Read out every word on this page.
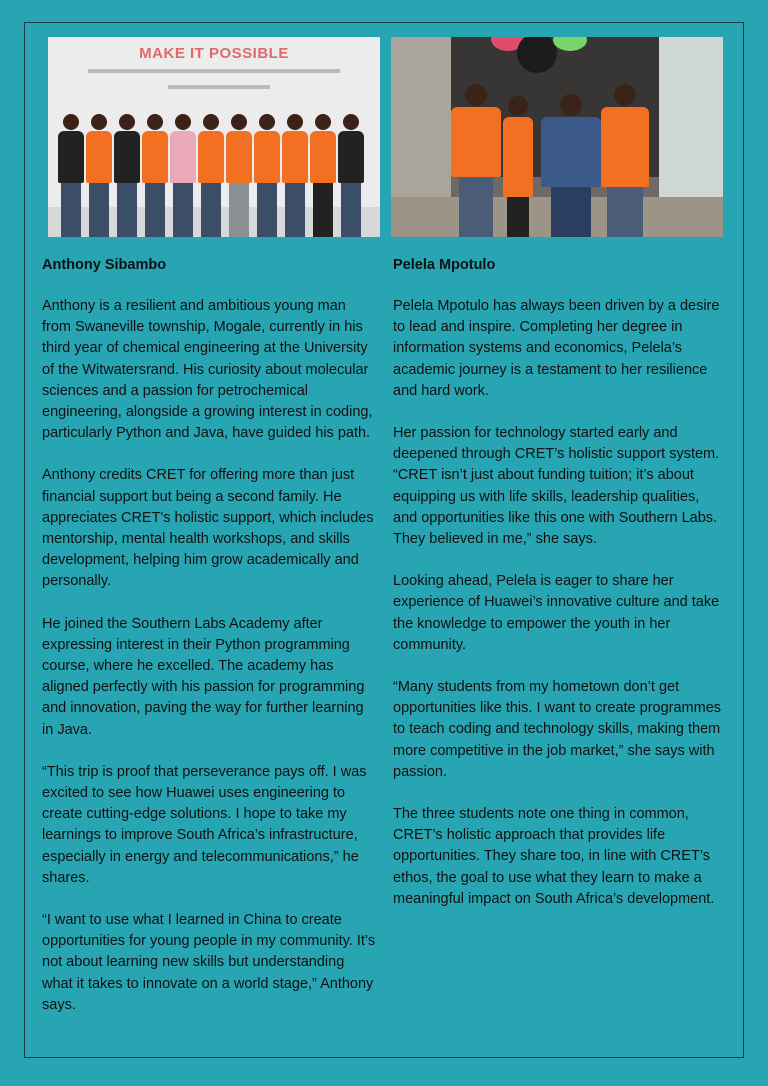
MAKE IT POSSIBLE
Anthony Sibambo

Anthony is a resilient and ambitious young man from Swaneville township, Mogale, currently in his third year of chemical engineering at the University of the Witwatersrand. His curiosity about molecular sciences and a passion for petrochemical engineering, alongside a growing interest in coding, particularly Python and Java, have guided his path.

Anthony credits CRET for offering more than just financial support but being a second family. He appreciates CRET's holistic support, which includes mentorship, mental health workshops, and skills development, helping him grow academically and personally.

He joined the Southern Labs Academy after expressing interest in their Python programming course, where he excelled. The academy has aligned perfectly with his passion for programming and innovation, paving the way for further learning in Java.

“This trip is proof that perseverance pays off. I was excited to see how Huawei uses engineering to create cutting-edge solutions. I hope to take my learnings to improve South Africa’s infrastructure, especially in energy and telecommunications,” he shares.

“I want to use what I learned in China to create opportunities for young people in my community. It’s not about learning new skills but understanding what it takes to innovate on a world stage,” Anthony says.

Pelela Mpotulo

Pelela Mpotulo has always been driven by a desire to lead and inspire. Completing her degree in information systems and economics, Pelela’s academic journey is a testament to her resilience and hard work.

Her passion for technology started early and deepened through CRET’s holistic support system. “CRET isn’t just about funding tuition; it’s about equipping us with life skills, leadership qualities, and opportunities like this one with Southern Labs. They believed in me,” she says.

Looking ahead, Pelela is eager to share her experience of Huawei’s innovative culture and take the knowledge to empower the youth in her community.

“Many students from my hometown don’t get opportunities like this. I want to create programmes to teach coding and technology skills, making them more competitive in the job market,” she says with passion.

The three students note one thing in common, CRET’s holistic approach that provides life opportunities. They share too, in line with CRET’s ethos, the goal to use what they learn to make a meaningful impact on South Africa’s development.
